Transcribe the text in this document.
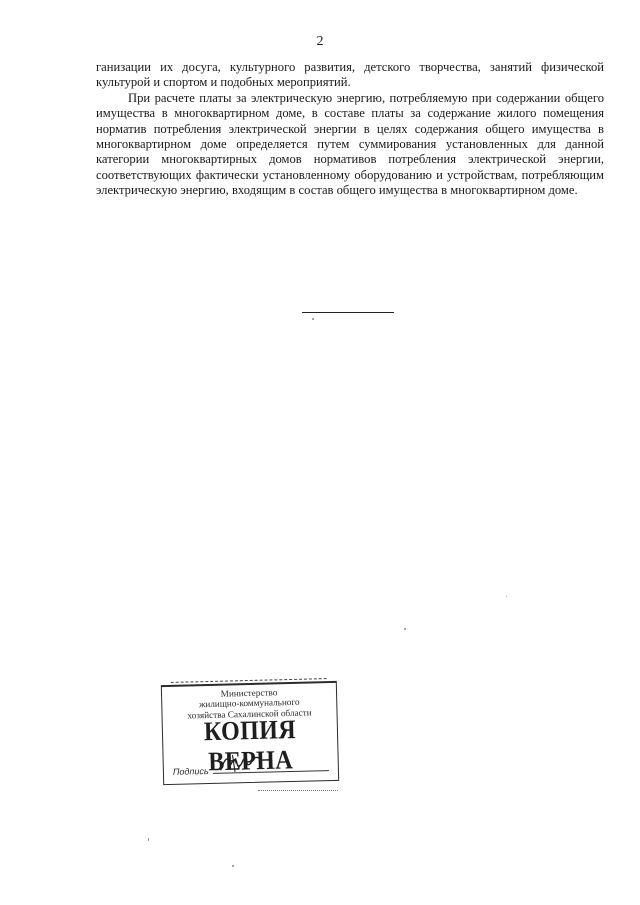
2

ганизации их досуга, культурного развития, детского творчества, занятий физической культурой и спортом и подобных мероприятий.

При расчете платы за электрическую энергию, потребляемую при содержании общего имущества в многоквартирном доме, в составе платы за содержание жилого помещения норматив потребления электрической энергии в целях содержания общего имущества в многоквартирном доме определяется путем суммирования установленных для данной категории многоквартирных домов нормативов потребления электрической энергии, соответствующих фактически установленному оборудованию и устройствам, потребляющим электрическую энергию, входящим в состав общего имущества в многоквартирном доме.

Министерство
жилищно-коммунального
хозяйства Сахалинской области
КОПИЯ ВЕРНА
Подпись
